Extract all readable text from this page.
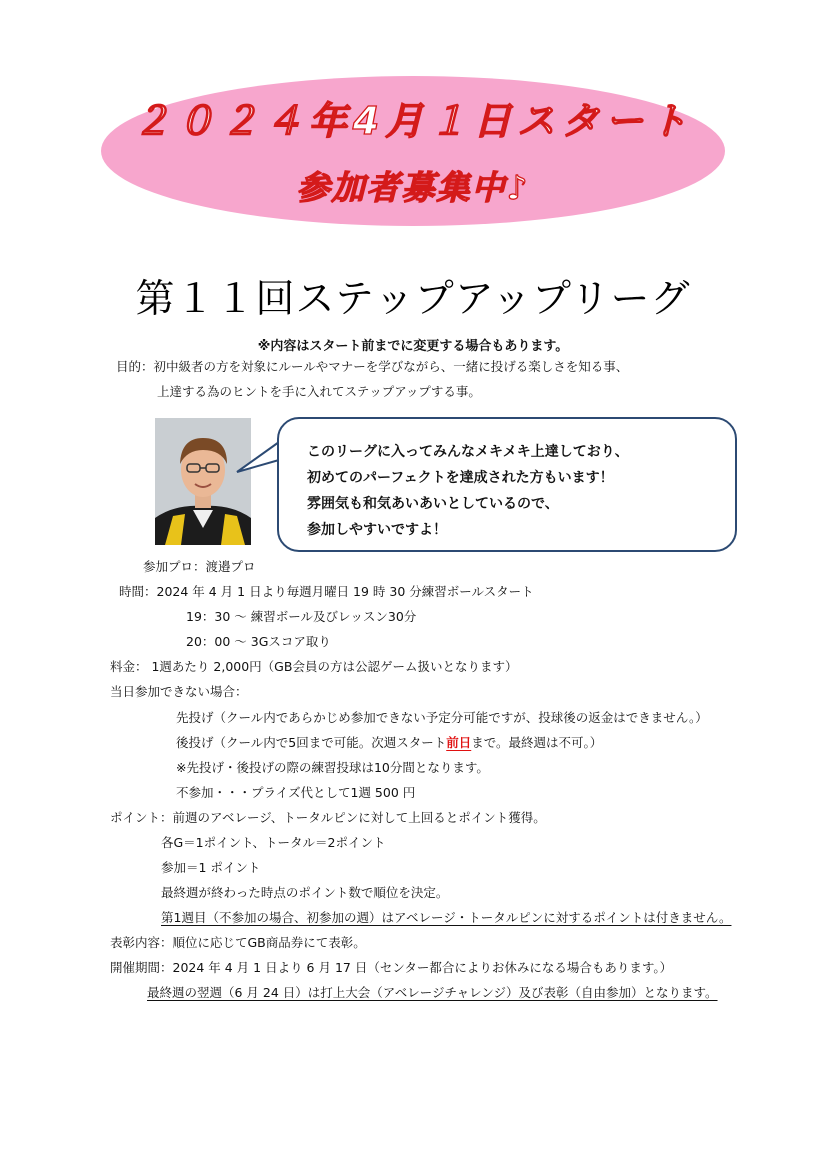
２０２４年4月１日スタート
参加者募集中♪
第１１回ステップアップリーグ
※内容はスタート前までに変更する場合もあります。
目的：初中級者の方を対象にルールやマナーを学びながら、一緒に投げる楽しさを知る事、
上達する為のヒントを手に入れてステップアップする事。
このリーグに入ってみんなメキメキ上達しており、
初めてのパーフェクトを達成された方もいます！
雰囲気も和気あいあいとしているので、
参加しやすいですよ！
参加プロ：渡邉プロ
時間：2024 年 4 月 1 日より毎週月曜日 19 時 30 分練習ボールスタート
19：30 ～ 練習ボール及びレッスン30分
20：00 ～ 3Gスコア取り
料金： 1週あたり 2,000円（GB会員の方は公認ゲーム扱いとなります）
当日参加できない場合：
先投げ（クール内であらかじめ参加できない予定分可能ですが、投球後の返金はできません。）
後投げ（クール内で5回まで可能。次週スタート前日まで。最終週は不可。）
※先投げ・後投げの際の練習投球は10分間となります。
不参加・・・プライズ代として1週 500 円
ポイント：前週のアベレージ、トータルピンに対して上回るとポイント獲得。
各G＝1ポイント、トータル＝2ポイント
参加＝1 ポイント
最終週が終わった時点のポイント数で順位を決定。
第1週目（不参加の場合、初参加の週）はアベレージ・トータルピンに対するポイントは付きません。
表彰内容：順位に応じてGB商品券にて表彰。
開催期間：2024 年 4 月 1 日より 6 月 17 日（センター都合によりお休みになる場合もあります。）
最終週の翌週（6 月 24 日）は打上大会（アベレージチャレンジ）及び表彰（自由参加）となります。
